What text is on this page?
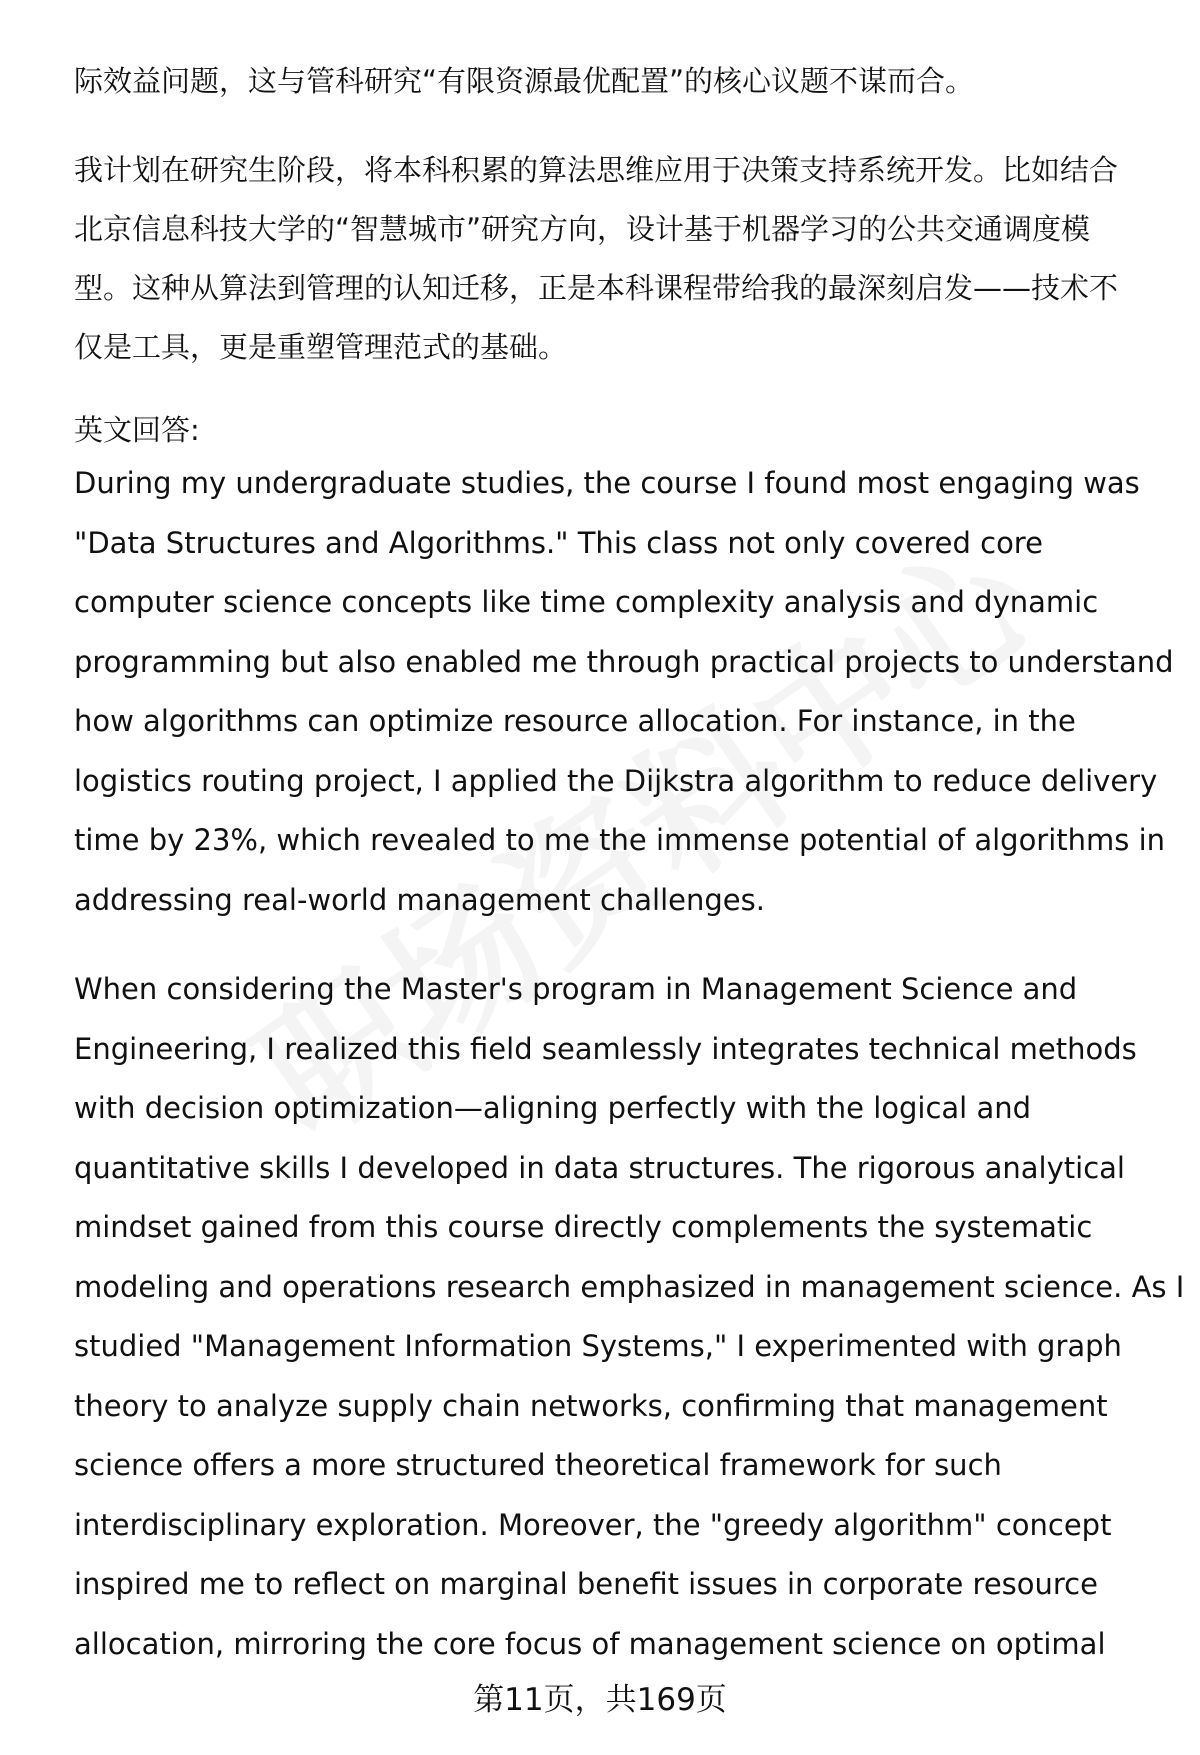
际效益问题，这与管科研究“有限资源最优配置”的核心议题不谋而合。

我计划在研究生阶段，将本科积累的算法思维应用于决策支持系统开发。比如结合
北京信息科技大学的“智慧城市”研究方向，设计基于机器学习的公共交通调度模
型。这种从算法到管理的认知迁移，正是本科课程带给我的最深刻启发——技术不
仅是工具，更是重塑管理范式的基础。

英文回答:

During my undergraduate studies, the course I found most engaging was
"Data Structures and Algorithms." This class not only covered core
computer science concepts like time complexity analysis and dynamic
programming but also enabled me through practical projects to understand
how algorithms can optimize resource allocation. For instance, in the
logistics routing project, I applied the Dijkstra algorithm to reduce delivery
time by 23%, which revealed to me the immense potential of algorithms in
addressing real-world management challenges.

When considering the Master's program in Management Science and
Engineering, I realized this field seamlessly integrates technical methods
with decision optimization—aligning perfectly with the logical and
quantitative skills I developed in data structures. The rigorous analytical
mindset gained from this course directly complements the systematic
modeling and operations research emphasized in management science. As I
studied "Management Information Systems," I experimented with graph
theory to analyze supply chain networks, confirming that management
science offers a more structured theoretical framework for such
interdisciplinary exploration. Moreover, the "greedy algorithm" concept
inspired me to reflect on marginal benefit issues in corporate resource
allocation, mirroring the core focus of management science on optimal

第11页，共169页
